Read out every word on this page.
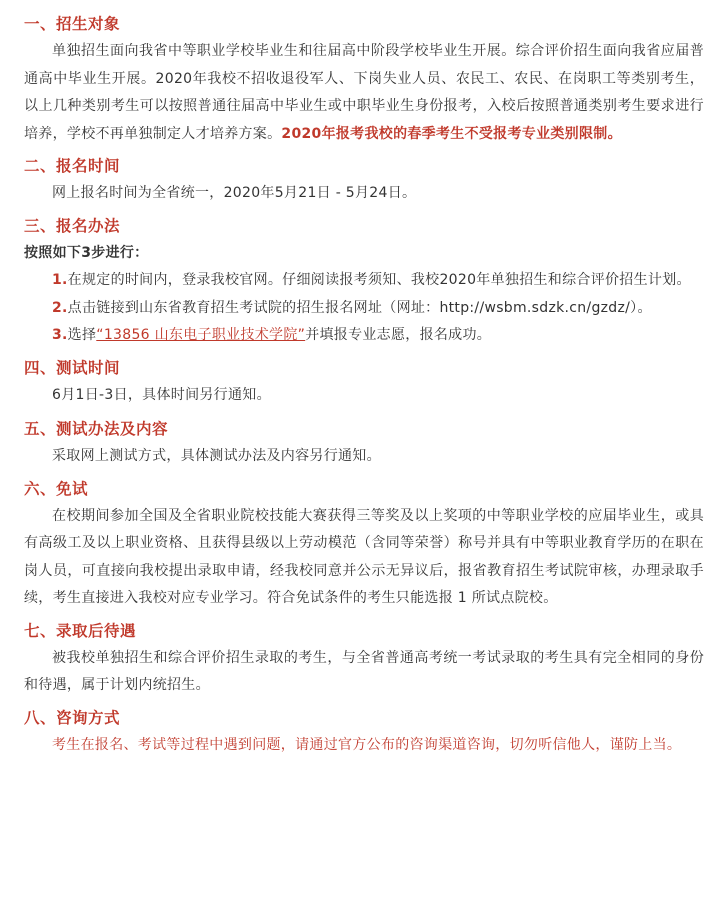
一、招生对象
单独招生面向我省中等职业学校毕业生和往届高中阶段学校毕业生开展。综合评价招生面向我省应届普通高中毕业生开展。2020年我校不招收退役军人、下岗失业人员、农民工、农民、在岗职工等类别考生，以上几种类别考生可以按照普通往届高中毕业生或中职毕业生身份报考，入校后按照普通类别考生要求进行培养，学校不再单独制定人才培养方案。2020年报考我校的春季考生不受报考专业类别限制。
二、报名时间
网上报名时间为全省统一，2020年5月21日 - 5月24日。
三、报名办法
按照如下3步进行：
1.在规定的时间内，登录我校官网。仔细阅读报考须知、我校2020年单独招生和综合评价招生计划。
2.点击链接到山东省教育招生考试院的招生报名网址（网址：http://wsbm.sdzk.cn/gzdz/）。
3.选择“13856 山东电子职业技术学院”并填报专业志愿，报名成功。
四、测试时间
6月1日-3日，具体时间另行通知。
五、测试办法及内容
采取网上测试方式，具体测试办法及内容另行通知。
六、免试
在校期间参加全国及全省职业院校技能大赛获得三等奖及以上奖项的中等职业学校的应届毕业生，或具有高级工及以上职业资格、且获得县级以上劳动模范（含同等荣誉）称号并具有中等职业教育学历的在职在岗人员，可直接向我校提出录取申请，经我校同意并公示无异议后，报省教育招生考试院审核，办理录取手续，考生直接进入我校对应专业学习。符合免试条件的考生只能选报 1 所试点院校。
七、录取后待遇
被我校单独招生和综合评价招生录取的考生，与全省普通高考统一考试录取的考生具有完全相同的身份和待遇，属于计划内统招生。
八、咨询方式
考生在报名、考试等过程中遇到问题，请通过官方公布的咨询渠道咨询，切勿听信他人，谨防上当。
